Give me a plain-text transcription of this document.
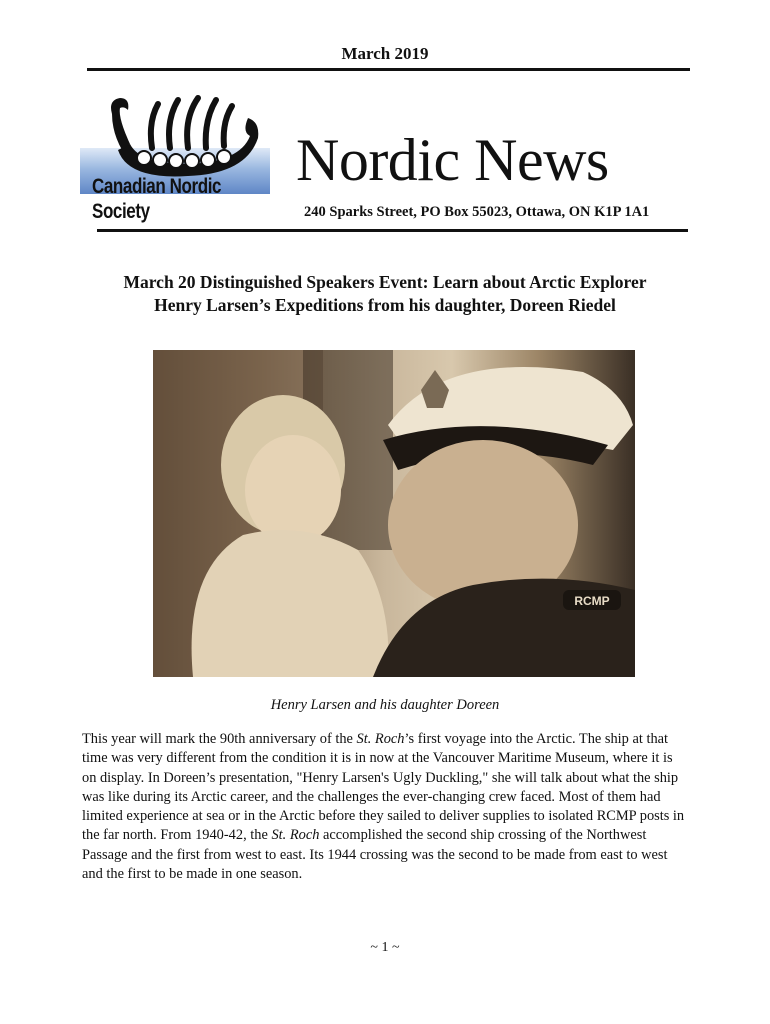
March 2019
Canadian Nordic Society
Nordic News
240 Sparks Street, PO Box 55023, Ottawa, ON K1P 1A1
March 20 Distinguished Speakers Event: Learn about Arctic Explorer
Henry Larsen’s Expeditions from his daughter, Doreen Riedel
RCMP
Henry Larsen and his daughter Doreen
This year will mark the 90th anniversary of the St. Roch’s first voyage into the Arctic. The ship at that time was very different from the condition it is in now at the Vancouver Maritime Museum, where it is on display. In Doreen’s presentation, "Henry Larsen's Ugly Duckling," she will talk about what the ship was like during its Arctic career, and the challenges the ever-changing crew faced. Most of them had limited experience at sea or in the Arctic before they sailed to deliver supplies to isolated RCMP posts in the far north. From 1940-42, the St. Roch accomplished the second ship crossing of the Northwest Passage and the first from west to east. Its 1944 crossing was the second to be made from east to west and the first to be made in one season.
~ 1 ~
